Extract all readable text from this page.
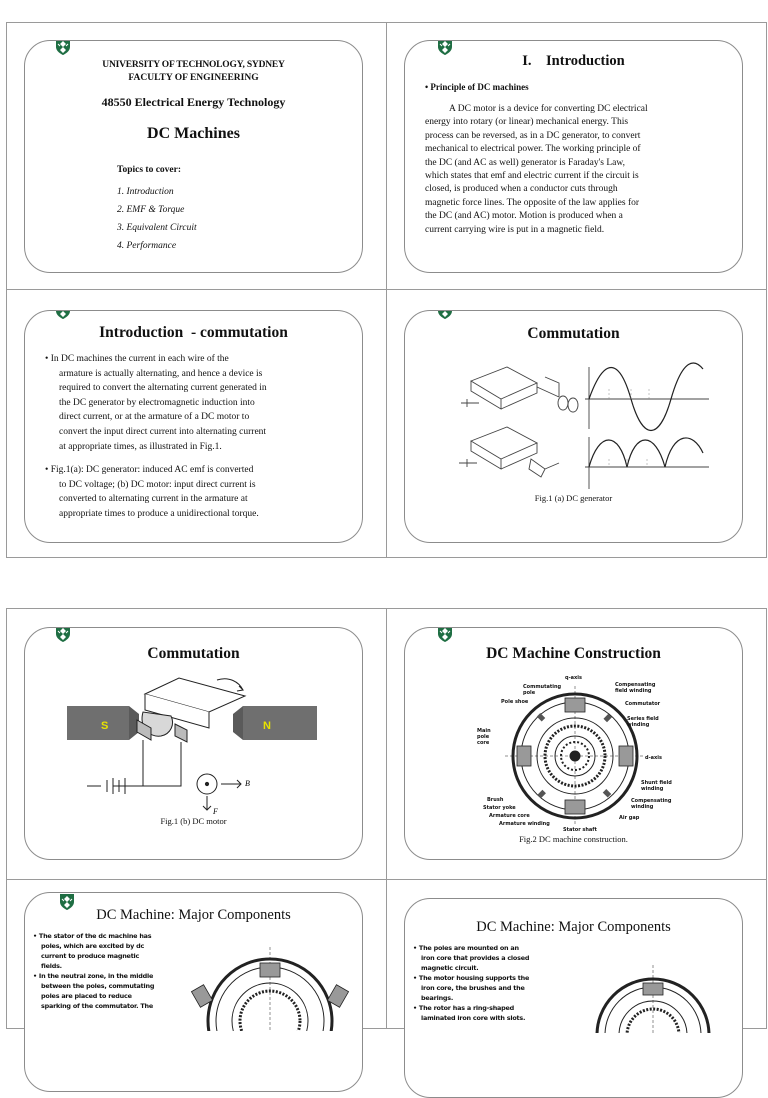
UNIVERSITY OF TECHNOLOGY, SYDNEY
FACULTY OF ENGINEERING
48550 Electrical Energy Technology
DC Machines
Topics to cover:
1. Introduction
2. EMF & Torque
3. Equivalent Circuit
4. Performance
I.    Introduction
• Principle of DC machines
A DC motor is a device for converting DC electrical
energy into rotary (or linear) mechanical energy. This
process can be reversed, as in a DC generator, to convert
mechanical to electrical power. The working principle of
the DC (and AC as well) generator is Faraday's Law,
which states that emf and electric current if the circuit is
closed, is produced when a conductor cuts through
magnetic force lines. The opposite of the law applies for
the DC (and AC) motor. Motion is produced when a
current carrying wire is put in a magnetic field.
Introduction  - commutation
• In DC machines the current in each wire of the
armature is actually alternating, and hence a device is
required to convert the alternating current generated in
the DC generator by electromagnetic induction into
direct current, or at the armature of a DC motor to
convert the input direct current into alternating current
at appropriate times, as illustrated in Fig.1.
• Fig.1(a): DC generator: induced AC emf is converted
to DC voltage; (b) DC motor: input direct current is
converted to alternating current in the armature at
appropriate times to produce a unidirectional torque.
Commutation
Fig.1 (a) DC generator
Commutation
S	N
B
F
Fig.1 (b) DC motor
DC Machine Construction
q-axis
Commutating pole
Pole shoe	Commutator
Series field winding
Main pole core
d-axis
Brush
Stator yoke
Armature core
Armature winding
Stator shaft
Air gap
Shunt field winding
Compensating winding
Compensating field winding
Fig.2 DC machine construction.
DC Machine: Major Components
• The stator of the dc machine has
poles, which are excited by dc
current to produce magnetic
fields.
• In the neutral zone, in the middle
between the poles, commutating
poles are placed to reduce
sparking of the commutator. The
DC Machine: Major Components
• The poles are mounted on an
iron core that provides a closed
magnetic circuit.
• The motor housing supports the
iron core, the brushes and the
bearings.
• The rotor has a ring-shaped
laminated iron core with slots.
